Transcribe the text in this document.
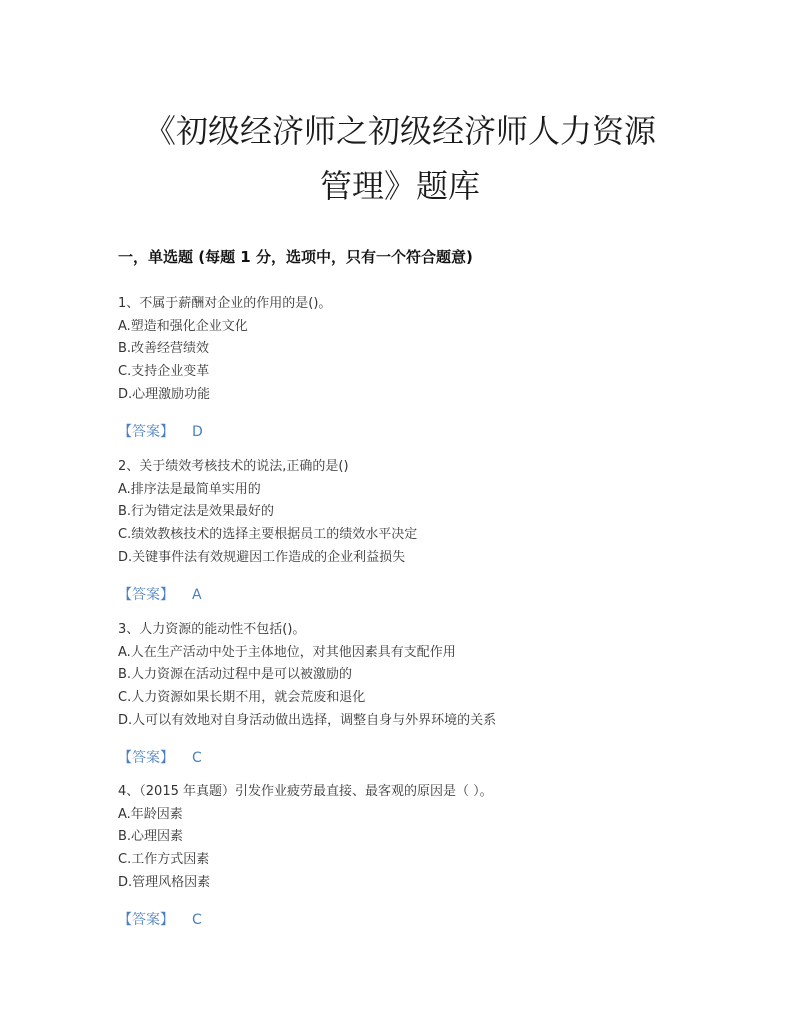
《初级经济师之初级经济师人力资源
管理》题库
一，单选题 (每题 1 分，选项中，只有一个符合题意)
1、不属于薪酬对企业的作用的是()。
A.塑造和强化企业文化
B.改善经营绩效
C.支持企业变革
D.心理激励功能
【答案】 D
2、关于绩效考核技术的说法,正确的是()
A.排序法是最简单实用的
B.行为错定法是效果最好的
C.绩效教核技术的选择主要根据员工的绩效水平决定
D.关键事件法有效规避因工作造成的企业利益损失
【答案】 A
3、人力资源的能动性不包括()。
A.人在生产活动中处于主体地位，对其他因素具有支配作用
B.人力资源在活动过程中是可以被激励的
C.人力资源如果长期不用，就会荒废和退化
D.人可以有效地对自身活动做出选择，调整自身与外界环境的关系
【答案】 C
4、（2015 年真题）引发作业疲劳最直接、最客观的原因是（ ）。
A.年龄因素
B.心理因素
C.工作方式因素
D.管理风格因素
【答案】 C
